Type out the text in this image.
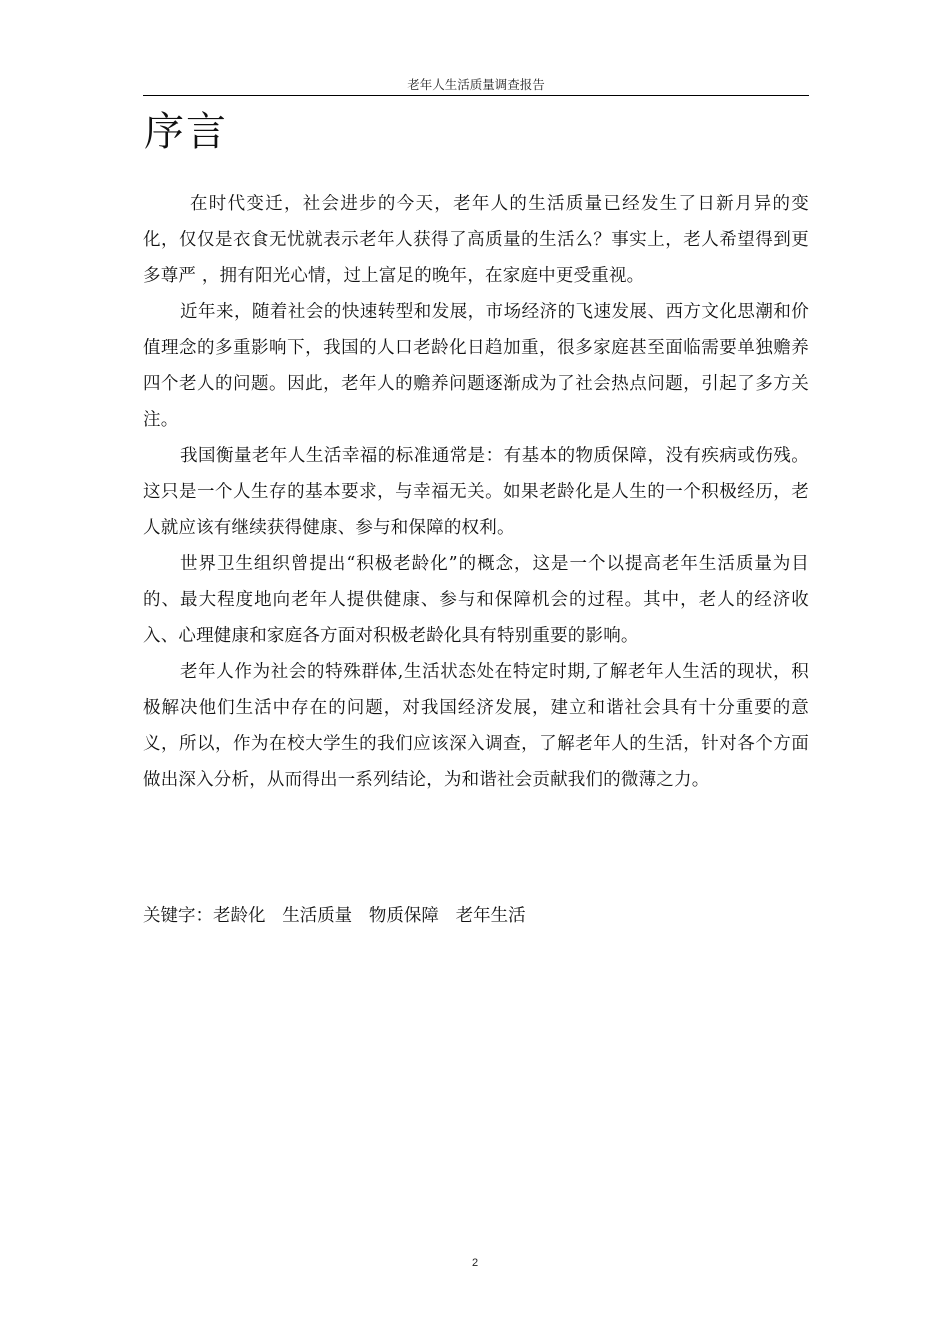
老年人生活质量调查报告
序言

在时代变迁，社会进步的今天，老年人的生活质量已经发生了日新月异的变化，仅仅是衣食无忧就表示老年人获得了高质量的生活么？事实上，老人希望得到更多尊严 ，拥有阳光心情，过上富足的晚年，在家庭中更受重视。

近年来，随着社会的快速转型和发展，市场经济的飞速发展、西方文化思潮和价值理念的多重影响下，我国的人口老龄化日趋加重，很多家庭甚至面临需要单独赡养四个老人的问题。因此，老年人的赡养问题逐渐成为了社会热点问题，引起了多方关注。

我国衡量老年人生活幸福的标准通常是：有基本的物质保障，没有疾病或伤残。这只是一个人生存的基本要求，与幸福无关。如果老龄化是人生的一个积极经历，老人就应该有继续获得健康、参与和保障的权利。

世界卫生组织曾提出“积极老龄化”的概念，这是一个以提高老年生活质量为目的、最大程度地向老年人提供健康、参与和保障机会的过程。其中，老人的经济收入、心理健康和家庭各方面对积极老龄化具有特别重要的影响。

老年人作为社会的特殊群体,生活状态处在特定时期,了解老年人生活的现状，积极解决他们生活中存在的问题，对我国经济发展，建立和谐社会具有十分重要的意义，所以，作为在校大学生的我们应该深入调查，了解老年人的生活，针对各个方面做出深入分析，从而得出一系列结论，为和谐社会贡献我们的微薄之力。

关键字：老龄化   生活质量   物质保障   老年生活

2
